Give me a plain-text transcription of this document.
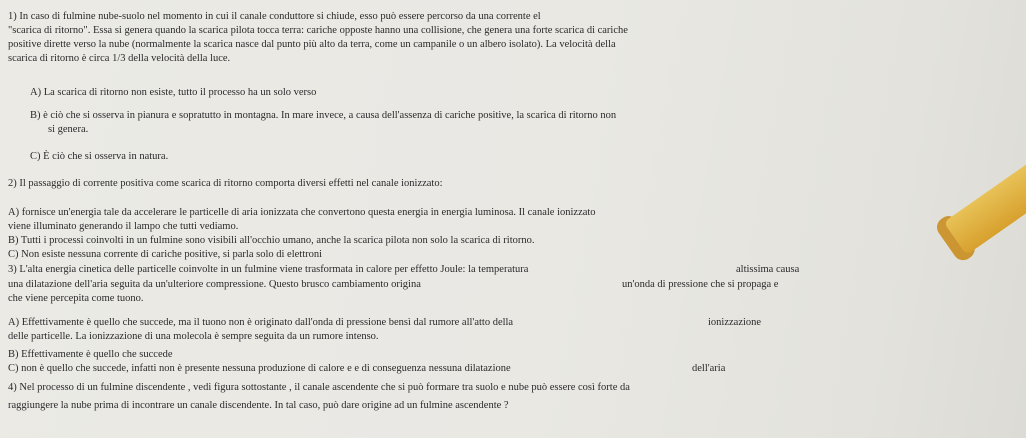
1) In caso di fulmine nube-suolo nel momento in cui il canale conduttore si chiude, esso può essere percorso da una corrente el
"scarica di ritorno". Essa si genera quando la scarica pilota tocca terra: cariche opposte hanno una collisione, che genera una forte scarica di cariche
positive dirette verso la nube (normalmente la scarica nasce dal punto più alto da terra, come un campanile o un albero isolato). La velocità della
scarica di ritorno è circa 1/3 della velocità della luce.
A) La scarica di ritorno non esiste, tutto il processo ha un solo verso
B) è ciò che si osserva in pianura e sopratutto in montagna. In mare invece, a causa dell'assenza di cariche positive, la scarica di ritorno non
si genera.
C) È ciò che si osserva in natura.
2) Il passaggio di corrente positiva come scarica di ritorno comporta diversi effetti nel canale ionizzato:
A) fornisce un'energia tale da accelerare le particelle di aria ionizzata che convertono questa energia in energia luminosa. Il canale ionizzato
viene illuminato generando il lampo che tutti vediamo.
B) Tutti i processi coinvolti in un fulmine sono visibili all'occhio umano, anche la scarica pilota non solo la scarica di ritorno.
C) Non esiste nessuna corrente di cariche positive, si parla solo di elettroni
3) L'alta energia cinetica delle particelle coinvolte in un fulmine viene trasformata in calore per effetto Joule: la temperatura	altissima causa
una dilatazione dell'aria seguita da un'ulteriore compressione. Questo brusco cambiamento origina	un'onda di pressione che si propaga e
che viene percepita come tuono.
A) Effettivamente è quello che succede, ma il tuono non è originato dall'onda di pressione bensì dal rumore all'atto della	ionizzazione
delle particelle. La ionizzazione di una molecola è sempre seguita da un rumore intenso.
B) Effettivamente è quello che succede
C) non è quello che succede, infatti non è presente nessuna produzione di calore e e di conseguenza nessuna dilatazione	dell'aria
4) Nel processo di un fulmine discendente , vedi figura sottostante , il canale ascendente che si può formare tra suolo e nube può essere così forte da
raggiungere la nube prima di incontrare un canale discendente. In tal caso, può dare origine ad un fulmine ascendente ?
